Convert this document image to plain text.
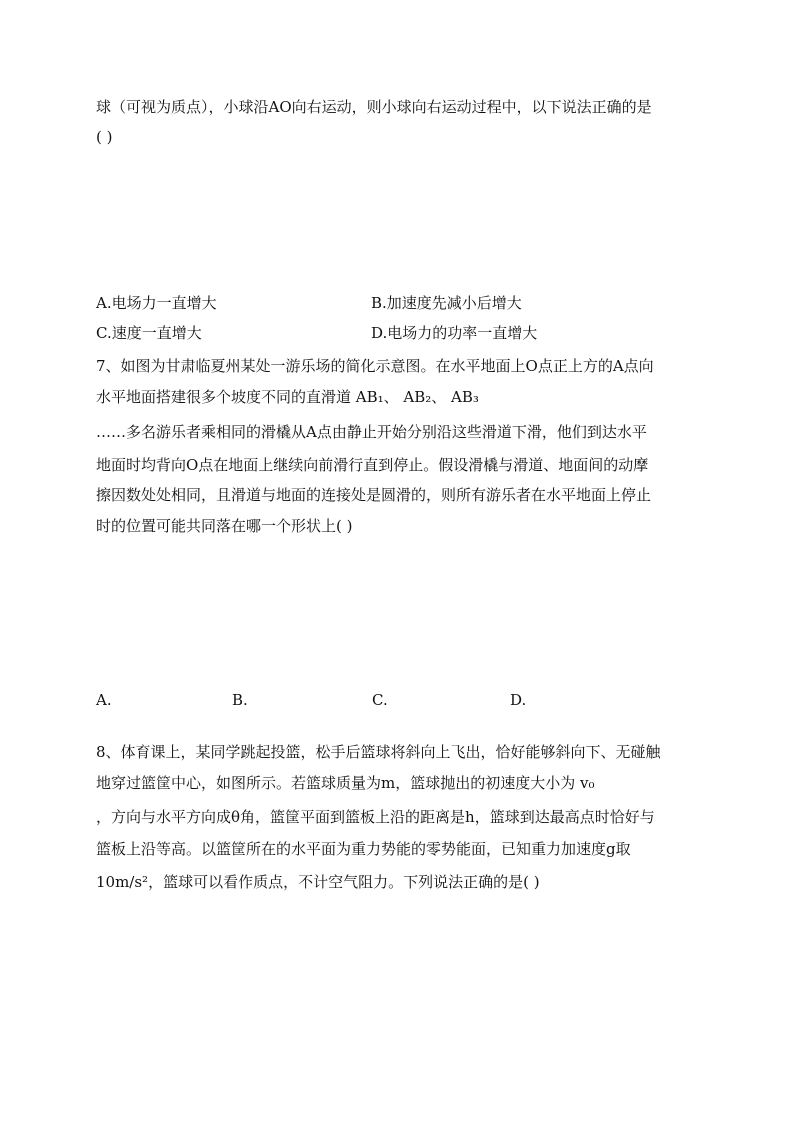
球（可视为质点），小球沿AO向右运动，则小球向右运动过程中，以下说法正确的是
( )
⊕Q
O
⊕Q
A
A.电场力一直增大	B.加速度先减小后增大
C.速度一直增大	D.电场力的功率一直增大
7、如图为甘肃临夏州某处一游乐场的简化示意图。在水平地面上O点正上方的A点向
水平地面搭建很多个坡度不同的直滑道 AB₁、 AB₂、 AB₃
……多名游乐者乘相同的滑橇从A点由静止开始分别沿这些滑道下滑，他们到达水平
地面时均背向O点在地面上继续向前滑行直到停止。假设滑橇与滑道、地面间的动摩
擦因数处处相同，且滑道与地面的连接处是圆滑的，则所有游乐者在水平地面上停止
时的位置可能共同落在哪一个形状上( )
A
O
B₁	B₂
B₃
A.	B.	C.	D.
8、体育课上，某同学跳起投篮，松手后篮球将斜向上飞出，恰好能够斜向下、无碰触
地穿过篮筐中心，如图所示。若篮球质量为m，篮球抛出的初速度大小为 v₀
，方向与水平方向成θ角，篮筐平面到篮板上沿的距离是h，篮球到达最高点时恰好与
篮板上沿等高。以篮筐所在的水平面为重力势能的零势能面，已知重力加速度g取
10m/s²，篮球可以看作质点，不计空气阻力。下列说法正确的是( )
